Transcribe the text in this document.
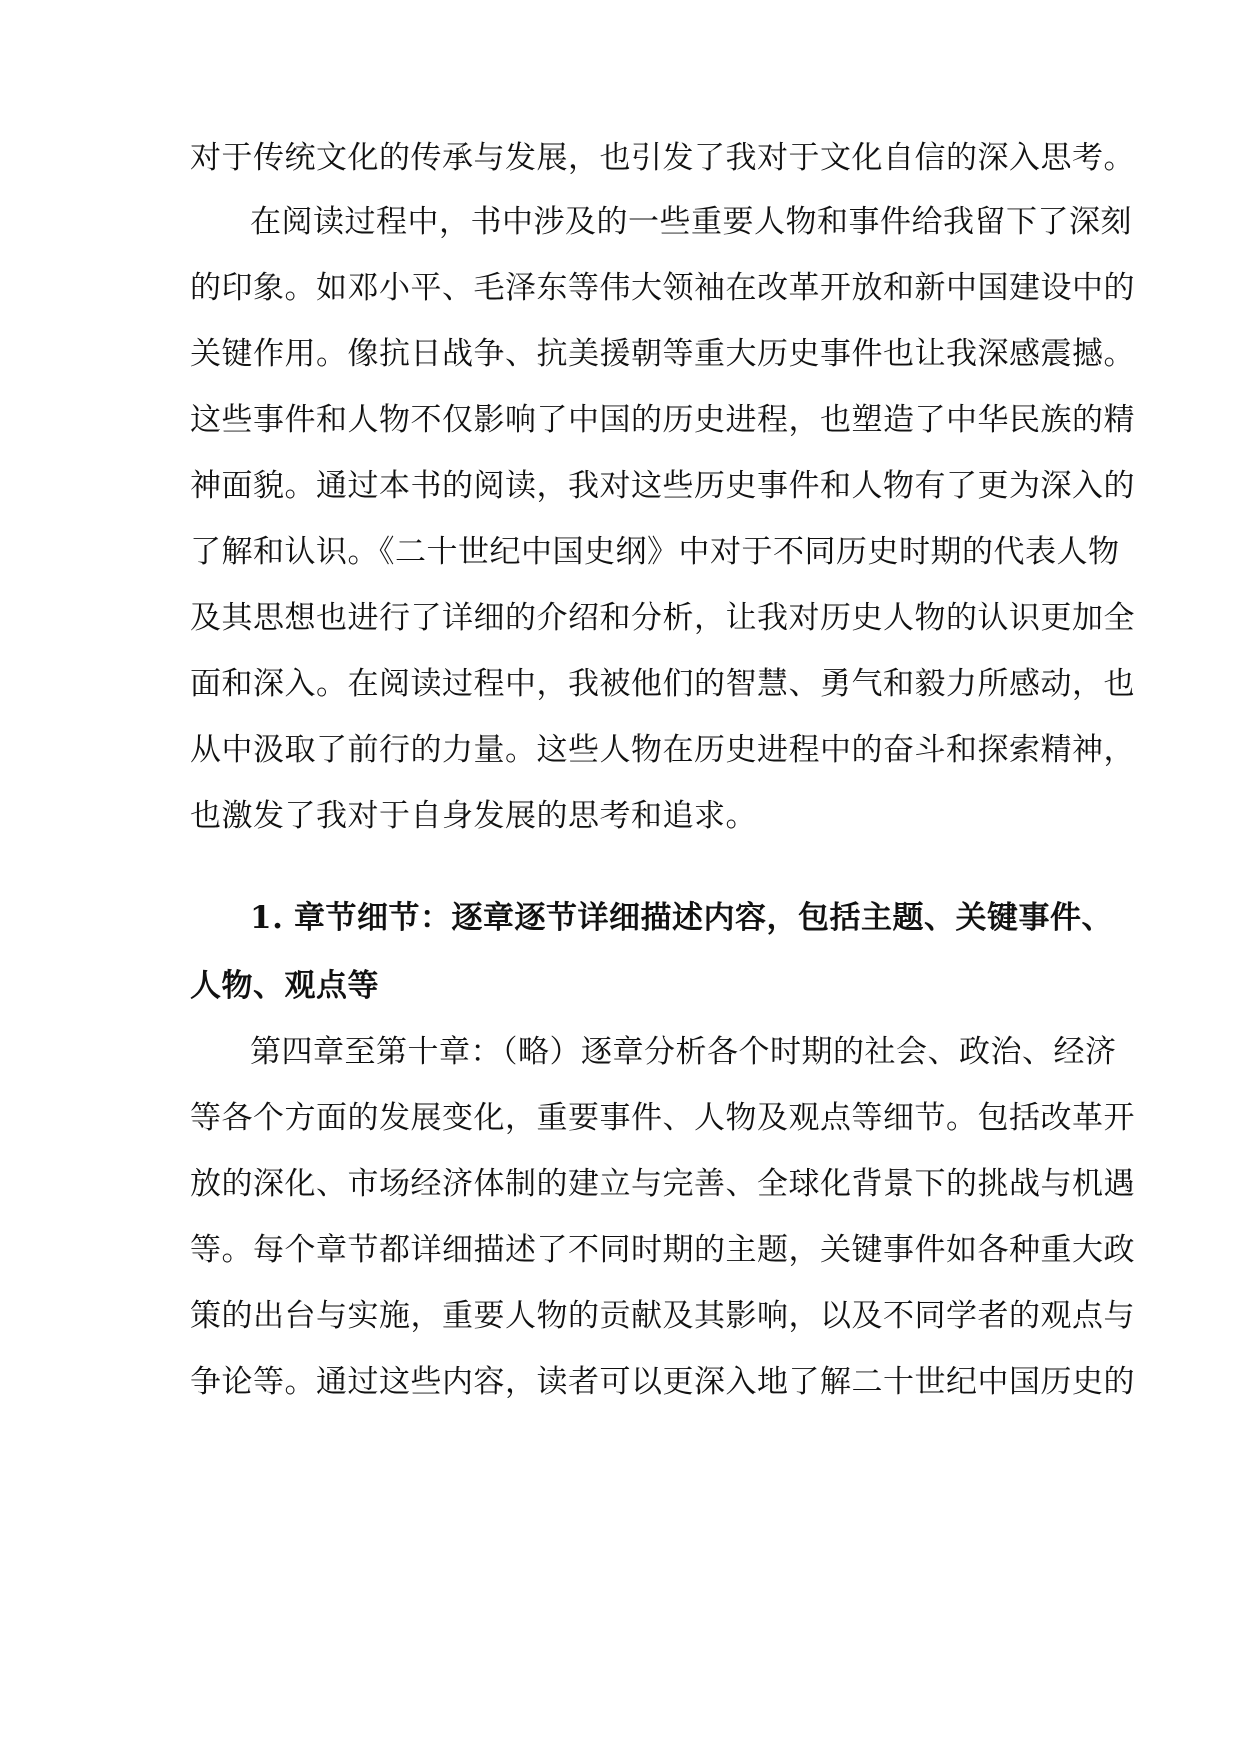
对于传统文化的传承与发展，也引发了我对于文化自信的深入思考。
在阅读过程中，书中涉及的一些重要人物和事件给我留下了深刻
的印象。如邓小平、毛泽东等伟大领袖在改革开放和新中国建设中的
关键作用。像抗日战争、抗美援朝等重大历史事件也让我深感震撼。
这些事件和人物不仅影响了中国的历史进程，也塑造了中华民族的精
神面貌。通过本书的阅读，我对这些历史事件和人物有了更为深入的
了解和认识。《二十世纪中国史纲》中对于不同历史时期的代表人物
及其思想也进行了详细的介绍和分析，让我对历史人物的认识更加全
面和深入。在阅读过程中，我被他们的智慧、勇气和毅力所感动，也
从中汲取了前行的力量。这些人物在历史进程中的奋斗和探索精神，
也激发了我对于自身发展的思考和追求。
1. 章节细节：逐章逐节详细描述内容，包括主题、关键事件、
人物、观点等
第四章至第十章：（略）逐章分析各个时期的社会、政治、经济
等各个方面的发展变化，重要事件、人物及观点等细节。包括改革开
放的深化、市场经济体制的建立与完善、全球化背景下的挑战与机遇
等。每个章节都详细描述了不同时期的主题，关键事件如各种重大政
策的出台与实施，重要人物的贡献及其影响，以及不同学者的观点与
争论等。通过这些内容，读者可以更深入地了解二十世纪中国历史的
